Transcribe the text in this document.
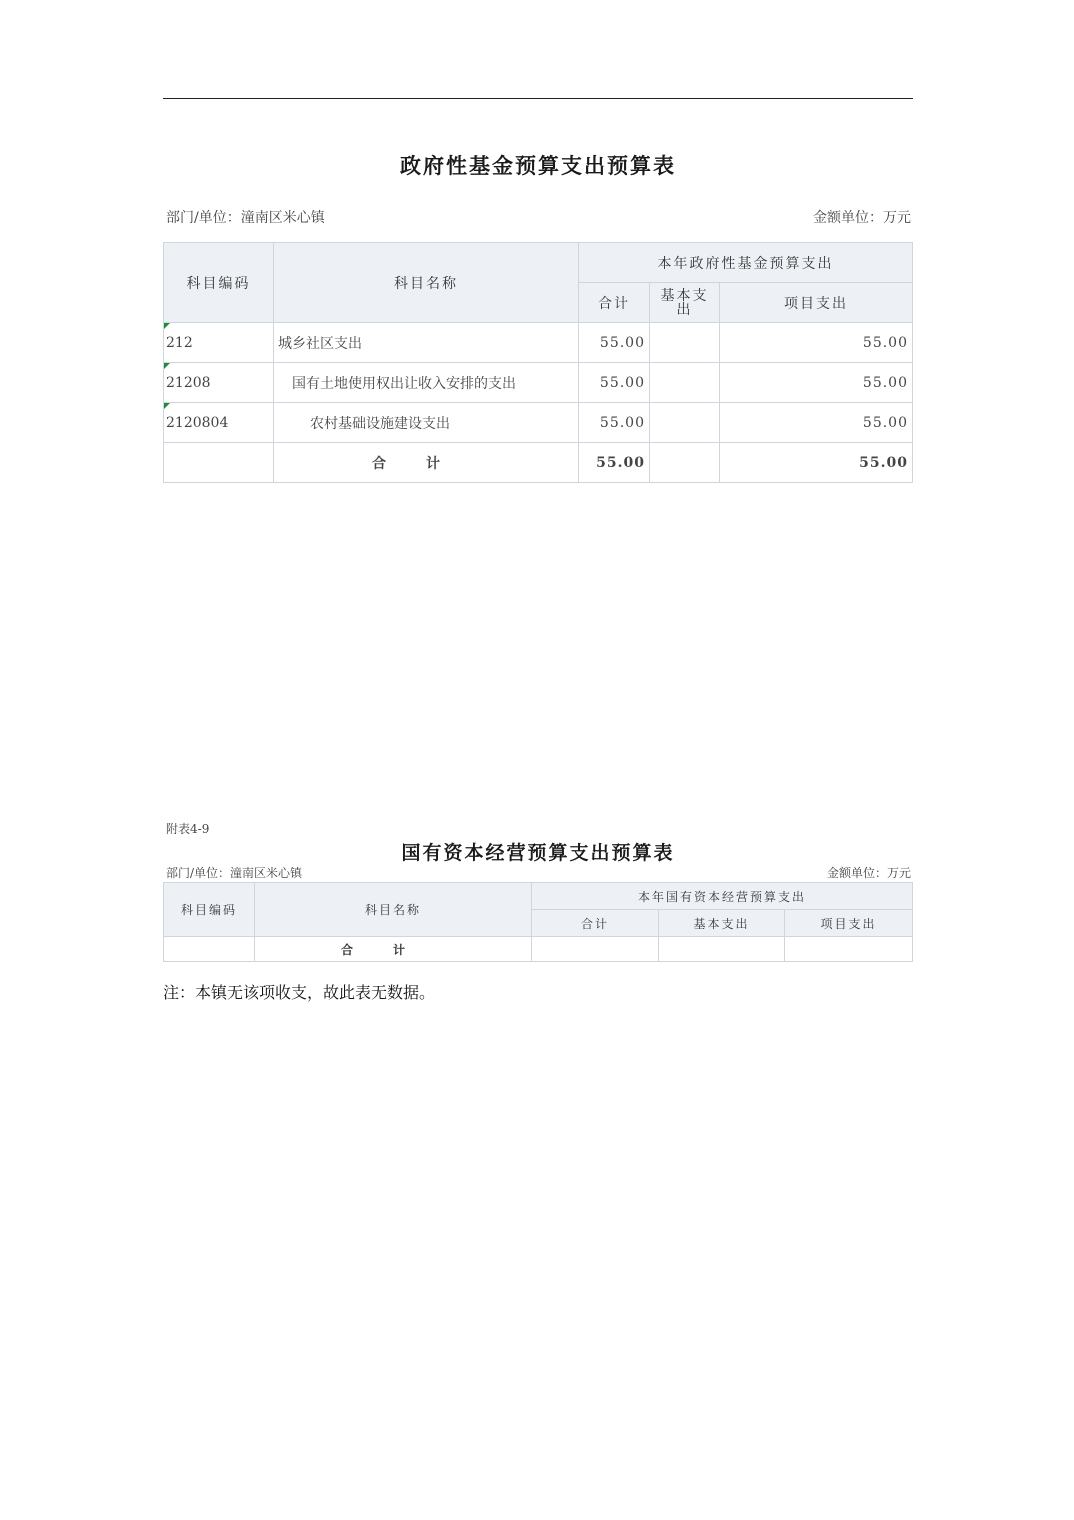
政府性基金预算支出预算表
部门/单位：潼南区米心镇	金额单位：万元
科目编码	科目名称	本年政府性基金预算支出		
		合计	基本支出	项目支出
212	城乡社区支出	55.00		55.00
21208	国有土地使用权出让收入安排的支出	55.00		55.00
2120804	农村基础设施建设支出	55.00		55.00
	合计	55.00		55.00
附表4-9
国有资本经营预算支出预算表
部门/单位：潼南区米心镇	金额单位：万元
科目编码	科目名称	本年国有资本经营预算支出		
		合计	基本支出	项目支出
	合计			
注：本镇无该项收支，故此表无数据。
